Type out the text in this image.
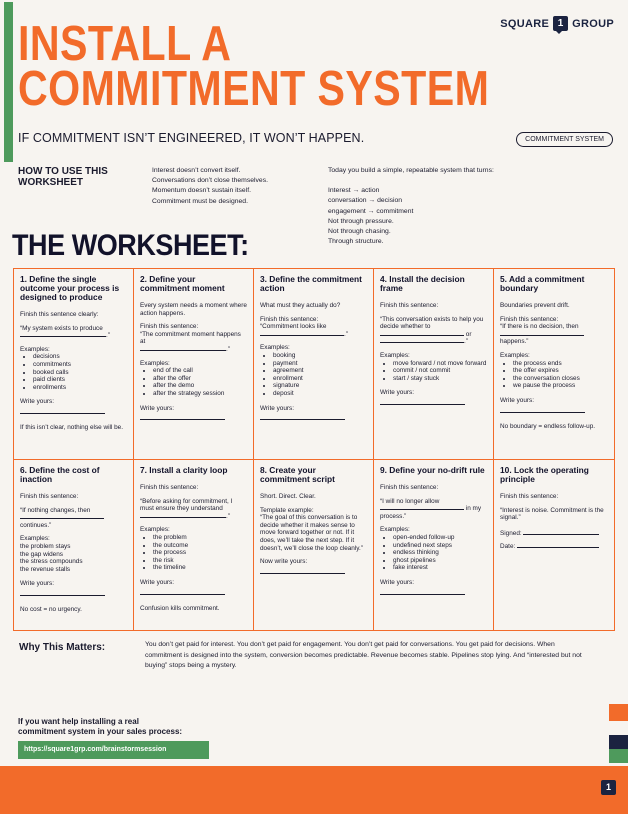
SQUARE 1 GROUP
INSTALL A
COMMITMENT SYSTEM
IF COMMITMENT ISN’T ENGINEERED, IT WON’T HAPPEN.	COMMITMENT SYSTEM
HOW TO USE THIS WORKSHEET
Interest doesn’t convert itself.
Conversations don’t close themselves.
Momentum doesn’t sustain itself.
Commitment must be designed.
Today you build a simple, repeatable system that turns:
Interest → action
conversation → decision
engagement → commitment
Not through pressure.
Not through chasing.
Through structure.
THE WORKSHEET:
1. Define the single outcome your process is designed to produce

Finish this sentence clearly:

“My system exists to produce
.”

Examples:
• decisions
• commitments
• booked calls
• paid clients
• enrollments
Write yours:
If this isn’t clear, nothing else will be.
2. Define your commitment moment

Every system needs a moment where action happens.

Finish this sentence:

“The commitment moment happens at
.”

Examples:
• end of the call
• after the offer
• after the demo
• after the strategy session
Write yours:
3. Define the commitment action

What must they actually do?

Finish this sentence:

“Commitment looks like
.”

Examples:
• booking
• payment
• agreement
• enrollment
• signature
• deposit
Write yours:
4. Install the decision frame

Finish this sentence:

“This conversation exists to help you decide whether to
or
.”

Examples:
• move forward / not move forward
• commit / not commit
• start / stay stuck
Write yours:
5. Add a commitment boundary

Boundaries prevent drift.

Finish this sentence:

“If there is no decision, then

happens.”

Examples:
• the process ends
• the offer expires
• the conversation closes
• we pause the process
Write yours:
No boundary = endless follow-up.
6. Define the cost of inaction

Finish this sentence:

“If nothing changes, then

continues.”

Examples:
the problem stays
the gap widens
the stress compounds
the revenue stalls
Write yours:
No cost = no urgency.
7. Install a clarity loop

Finish this sentence:

“Before asking for commitment, I must ensure they understand
.”

Examples:
• the problem
• the outcome
• the process
• the risk
• the timeline
Write yours:
Confusion kills commitment.
8. Create your commitment script

Short. Direct. Clear.

Template example:

“The goal of this conversation is to decide whether it makes sense to move forward together or not. If it does, we’ll take the next step. If it doesn’t, we’ll close the loop cleanly.”

Now write yours:
9. Define your no-drift rule

Finish this sentence:

“I will no longer allow
in my
process.”

Examples:
• open-ended follow-up
• undefined next steps
• endless thinking
• ghost pipelines
• fake interest
Write yours:
10. Lock the operating principle

Finish this sentence:

“Interest is noise. Commitment is the signal.”

Signed:

Date:

Why This Matters:	You don’t get paid for interest. You don’t get paid for engagement. You don’t get paid for conversations. You get paid for decisions. When commitment is designed into the system, conversion becomes predictable. Revenue becomes stable. Pipelines stop lying. And “interested but not buying” stops being a mystery.

If you want help installing a real
commitment system in your sales process:
https://square1grp.com/brainstormsession
1
